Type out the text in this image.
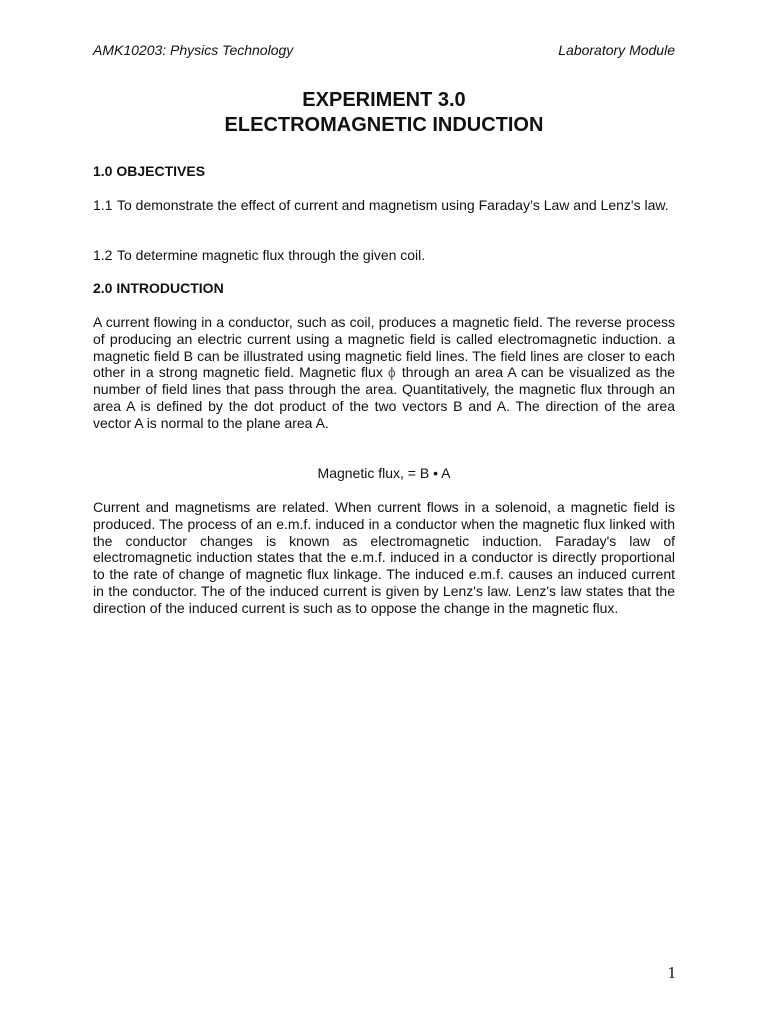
AMK10203: Physics Technology	Laboratory Module
EXPERIMENT 3.0
ELECTROMAGNETIC INDUCTION
1.0 OBJECTIVES
1.1 To demonstrate the effect of current and magnetism using Faraday’s Law and Lenz's law.
1.2 To determine magnetic flux through the given coil.
2.0 INTRODUCTION

A current flowing in a conductor, such as coil, produces a magnetic field. The reverse process of producing an electric current using a magnetic field is called electromagnetic induction. a magnetic field B can be illustrated using magnetic field lines. The field lines are closer to each other in a strong magnetic field. Magnetic flux ϕ through an area A can be visualized as the number of field lines that pass through the area. Quantitatively, the magnetic flux through an area A is defined by the dot product of the two vectors B and A. The direction of the area vector A is normal to the plane area A.

Magnetic flux, = B • A

Current and magnetisms are related. When current flows in a solenoid, a magnetic field is produced. The process of an e.m.f. induced in a conductor when the magnetic flux linked with the conductor changes is known as electromagnetic induction. Faraday's law of electromagnetic induction states that the e.m.f. induced in a conductor is directly proportional to the rate of change of magnetic flux linkage. The induced e.m.f. causes an induced current in the conductor. The of the induced current is given by Lenz's law. Lenz's law states that the direction of the induced current is such as to oppose the change in the magnetic flux.

1
